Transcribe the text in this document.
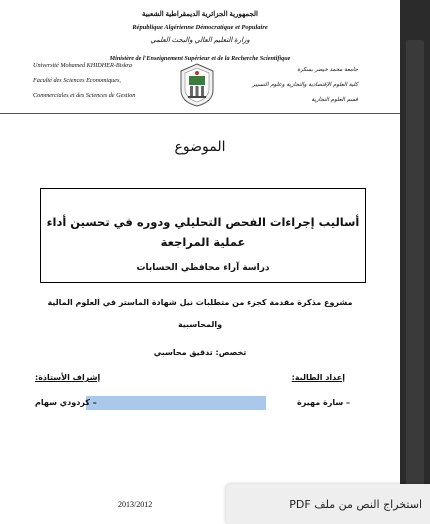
الجمهورية الجزائرية الديمقراطية الشعبية
République Algérienne Démocratique et Populaire
وزارة التعليم العالي والبحث العلمي
Ministère de l'Enseignement Supérieur et de la Recherche Scientifique
Université Mohamed KHIDHER-Biskra
Faculté des Sciences Economiques,
Commerciales et des Sciences de Gestion
جامعة محمد خيضر بسكرة
كلية العلوم الإقتصادية والتجارية وعلوم التسيير
قسم العلوم التجارية
الموضوع
أساليب إجراءات الفحص التحليلي ودوره في تحسين أداء
عملية المراجعة
دراسة آراء محافظي الحسابات
مشروع مذكرة مقدمة كجزء من متطلبات نيل شهادة الماستر في العلوم المالية
والمحاسبية
تخصص: تدقيق محاسبي
إعداد الطالبة:
إشراف الأستاذة:
– سارة مهيرة
– كردودي سهام
2013/2012	استخراج النص من ملف PDF
